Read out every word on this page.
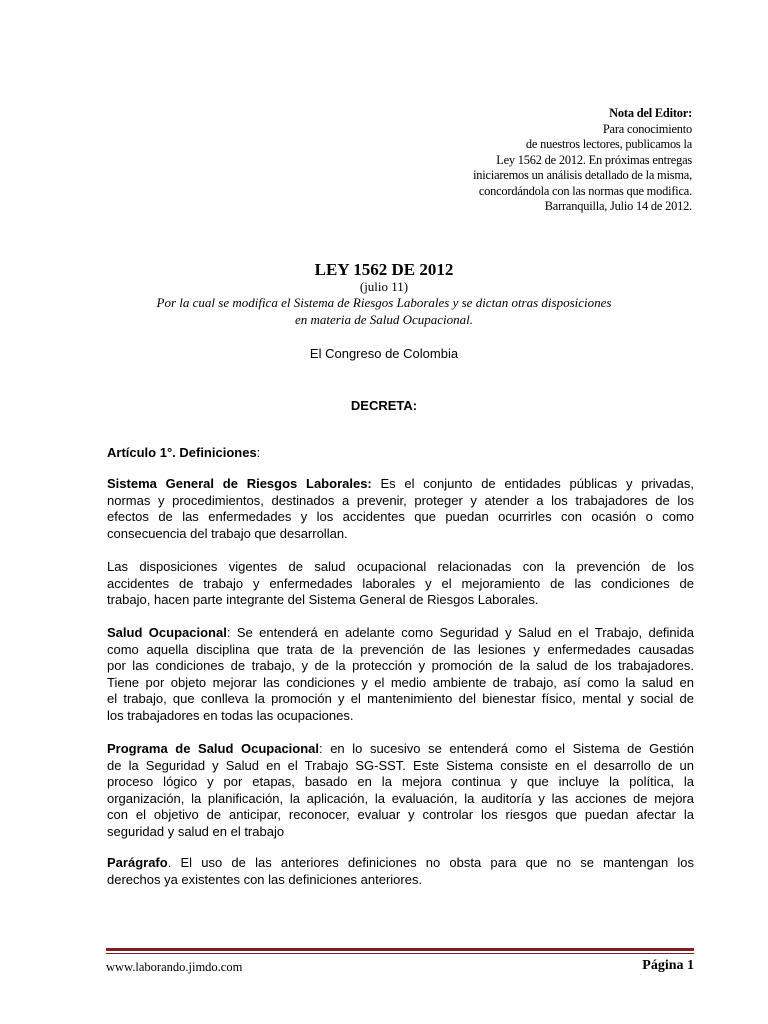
Nota del Editor:
Para conocimiento
de nuestros lectores, publicamos la
Ley 1562 de 2012. En próximas entregas
iniciaremos un análisis detallado de la misma,
concordándola con las normas que modifica.
Barranquilla, Julio 14 de 2012.
LEY 1562 DE 2012
(julio 11)
Por la cual se modifica el Sistema de Riesgos Laborales y se dictan otras disposiciones
en materia de Salud Ocupacional.
El Congreso de Colombia
DECRETA:
Artículo 1°. Definiciones:
Sistema General de Riesgos Laborales: Es el conjunto de entidades públicas y privadas,
normas y procedimientos, destinados a prevenir, proteger y atender a los trabajadores de los
efectos de las enfermedades y los accidentes que puedan ocurrirles con ocasión o como
consecuencia del trabajo que desarrollan.
Las disposiciones vigentes de salud ocupacional relacionadas con la prevención de los
accidentes de trabajo y enfermedades laborales y el mejoramiento de las condiciones de
trabajo, hacen parte integrante del Sistema General de Riesgos Laborales.
Salud Ocupacional: Se entenderá en adelante como Seguridad y Salud en el Trabajo, definida
como aquella disciplina que trata de la prevención de las lesiones y enfermedades causadas
por las condiciones de trabajo, y de la protección y promoción de la salud de los trabajadores.
Tiene por objeto mejorar las condiciones y el medio ambiente de trabajo, así como la salud en
el trabajo, que conlleva la promoción y el mantenimiento del bienestar físico, mental y social de
los trabajadores en todas las ocupaciones.
Programa de Salud Ocupacional: en lo sucesivo se entenderá como el Sistema de Gestión
de la Seguridad y Salud en el Trabajo SG-SST. Este Sistema consiste en el desarrollo de un
proceso lógico y por etapas, basado en la mejora continua y que incluye la política, la
organización, la planificación, la aplicación, la evaluación, la auditoría y las acciones de mejora
con el objetivo de anticipar, reconocer, evaluar y controlar los riesgos que puedan afectar la
seguridad y salud en el trabajo
Parágrafo. El uso de las anteriores definiciones no obsta para que no se mantengan los
derechos ya existentes con las definiciones anteriores.
www.laborando.jimdo.com	Página 1
